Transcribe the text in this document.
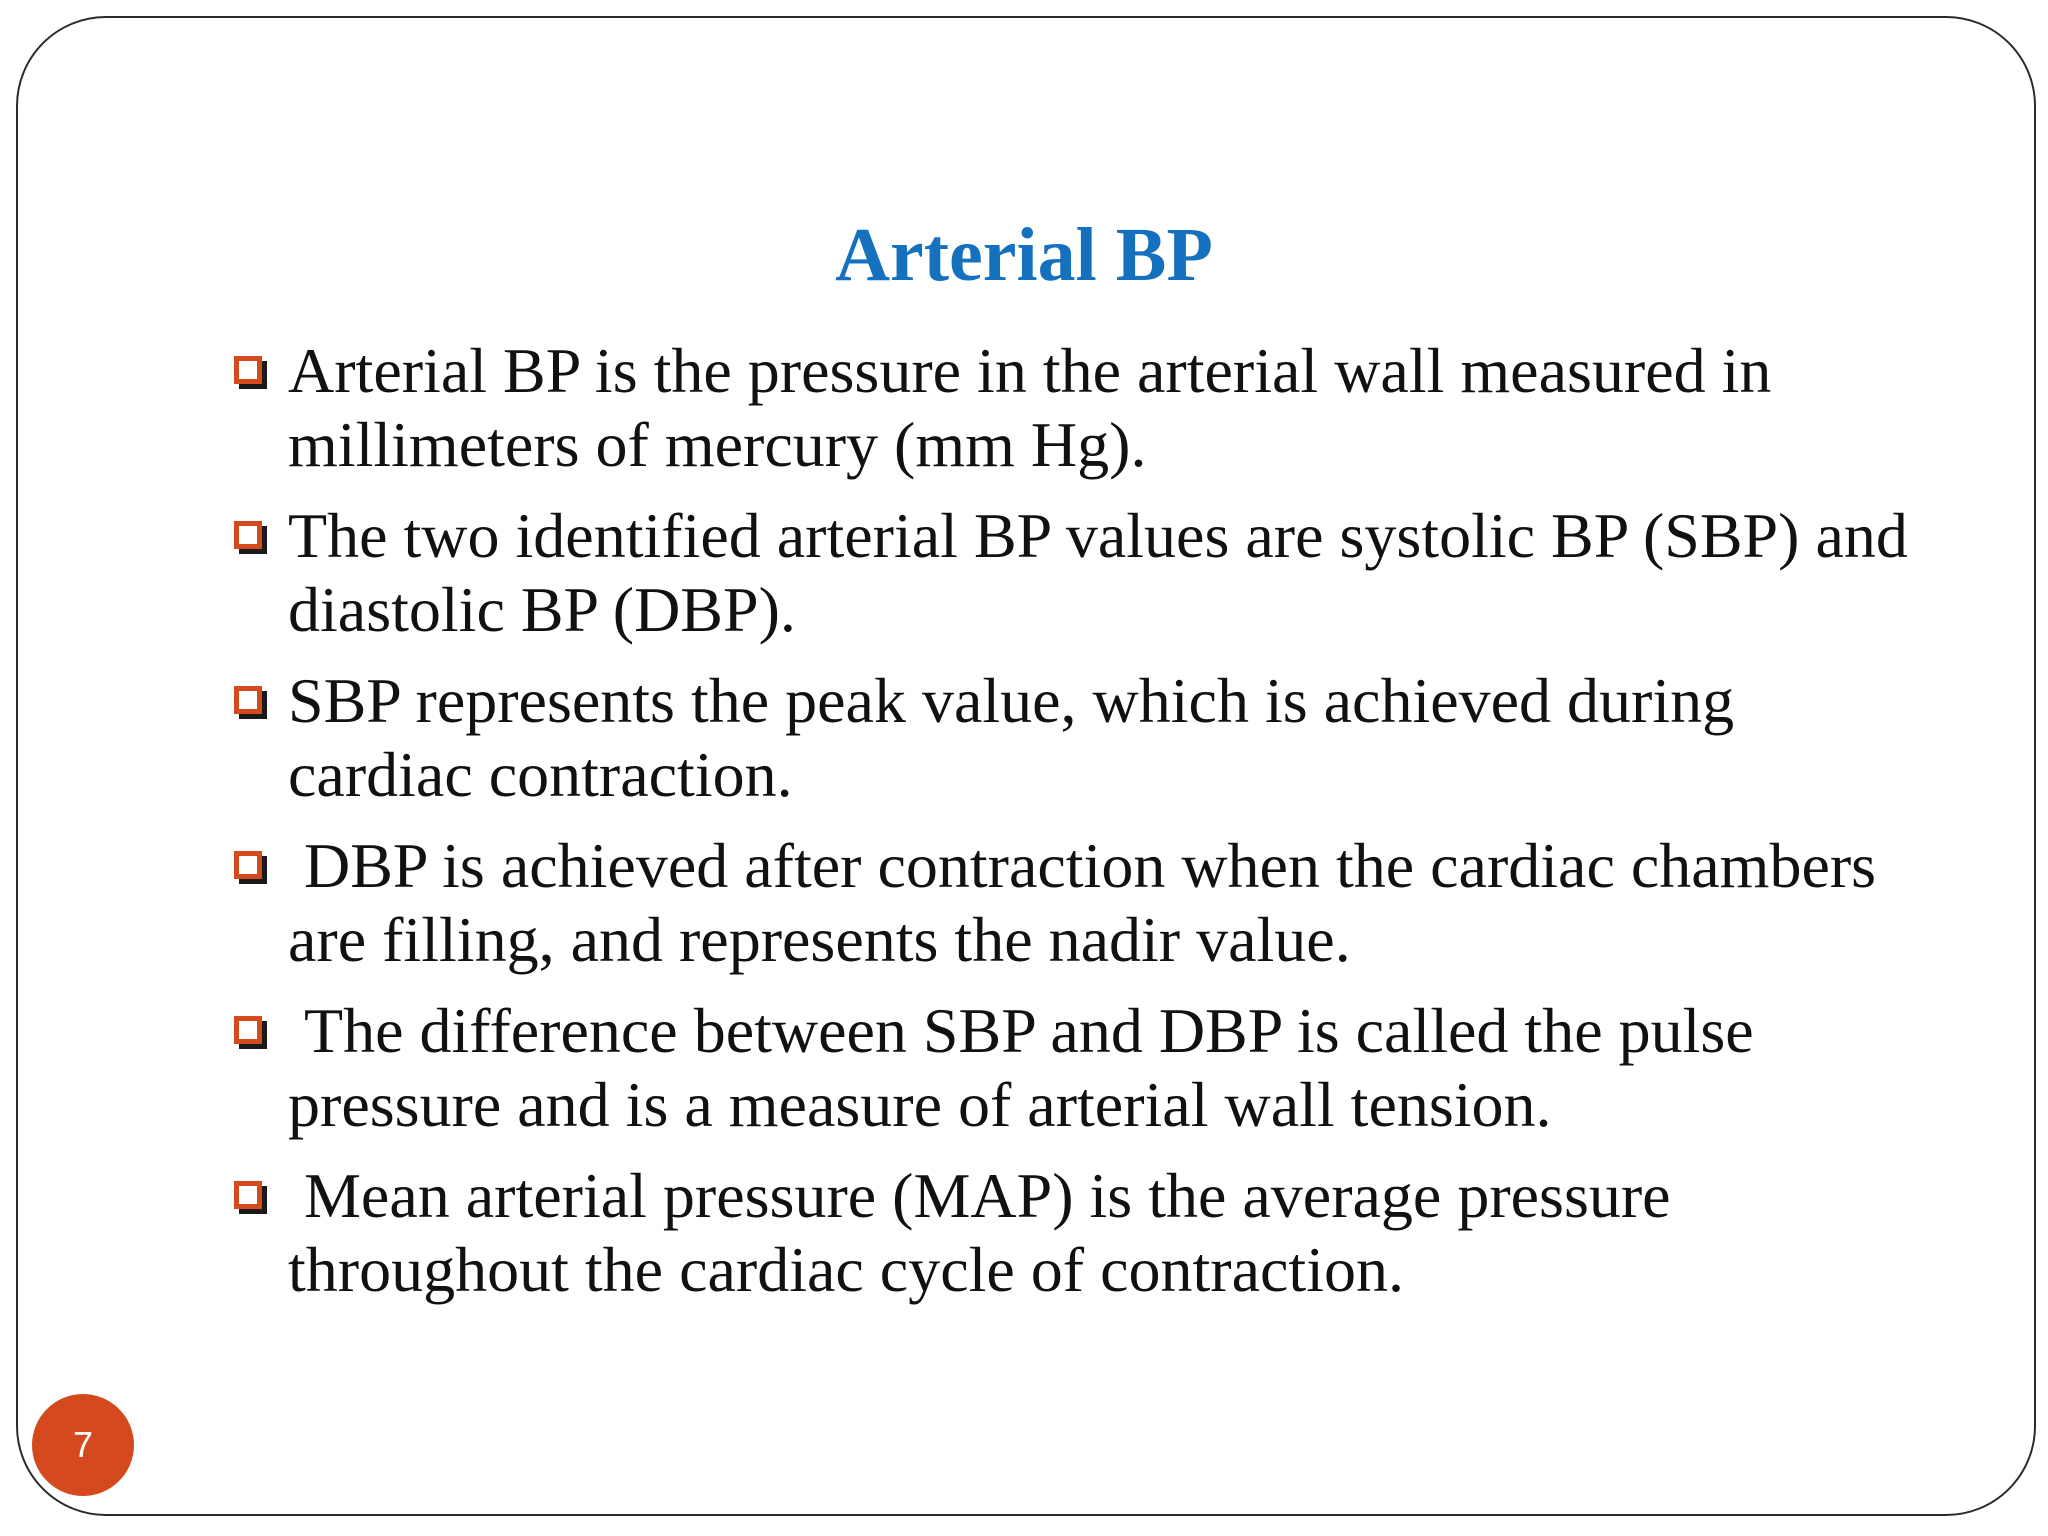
Arterial BP
Arterial BP is the pressure in the arterial wall measured in millimeters of mercury (mm Hg).
The two identified arterial BP values are systolic BP (SBP) and diastolic BP (DBP).
SBP represents the peak value, which is achieved during cardiac contraction.
DBP is achieved after contraction when the cardiac chambers are filling, and represents the nadir value.
The difference between SBP and DBP is called the pulse pressure and is a measure of arterial wall tension.
Mean arterial pressure (MAP) is the average pressure throughout the cardiac cycle of contraction.
7
